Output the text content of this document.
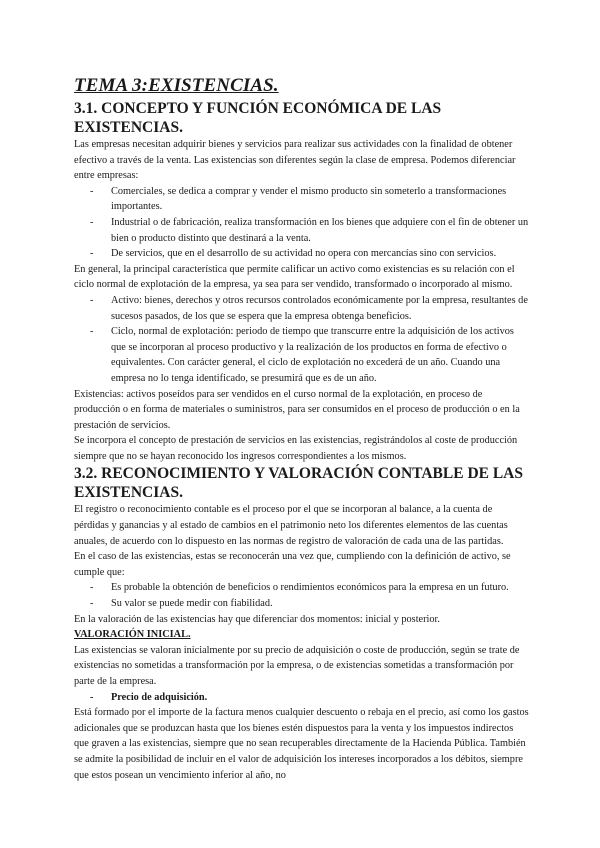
TEMA 3:EXISTENCIAS.
3.1. CONCEPTO Y FUNCIÓN ECONÓMICA DE LAS EXISTENCIAS.

Las empresas necesitan adquirir bienes y servicios para realizar sus actividades con la finalidad de obtener efectivo a través de la venta. Las existencias son diferentes según la clase de empresa. Podemos diferenciar entre empresas:

- Comerciales, se dedica a comprar y vender el mismo producto sin someterlo a transformaciones importantes.
- Industrial o de fabricación, realiza transformación en los bienes que adquiere con el fin de obtener un bien o producto distinto que destinará a la venta.
- De servicios, que en el desarrollo de su actividad no opera con mercancías sino con servicios.

En general, la principal característica que permite calificar un activo como existencias es su relación con el ciclo normal de explotación de la empresa, ya sea para ser vendido, transformado o incorporado al mismo.

- Activo: bienes, derechos y otros recursos controlados económicamente por la empresa, resultantes de sucesos pasados, de los que se espera que la empresa obtenga beneficios.
- Ciclo, normal de explotación: periodo de tiempo que transcurre entre la adquisición de los activos que se incorporan al proceso productivo y la realización de los productos en forma de efectivo o equivalentes. Con carácter general, el ciclo de explotación no excederá de un año. Cuando una empresa no lo tenga identificado, se presumirá que es de un año.

Existencias: activos poseídos para ser vendidos en el curso normal de la explotación, en proceso de producción o en forma de materiales o suministros, para ser consumidos en el proceso de producción o en la prestación de servicios.

Se incorpora el concepto de prestación de servicios en las existencias, registrándolos al coste de producción siempre que no se hayan reconocido los ingresos correspondientes a los mismos.

3.2. RECONOCIMIENTO Y VALORACIÓN CONTABLE DE LAS EXISTENCIAS.

El registro o reconocimiento contable es el proceso por el que se incorporan al balance, a la cuenta de pérdidas y ganancias y al estado de cambios en el patrimonio neto los diferentes elementos de las cuentas anuales, de acuerdo con lo dispuesto en las normas de registro de valoración de cada una de las partidas.

En el caso de las existencias, estas se reconocerán una vez que, cumpliendo con la definición de activo, se cumple que:

- Es probable la obtención de beneficios o rendimientos económicos para la empresa en un futuro.
- Su valor se puede medir con fiabilidad.

En la valoración de las existencias hay que diferenciar dos momentos: inicial y posterior.

VALORACIÓN INICIAL.

Las existencias se valoran inicialmente por su precio de adquisición o coste de producción, según se trate de existencias no sometidas a transformación por la empresa, o de existencias sometidas a transformación por parte de la empresa.

- Precio de adquisición.

Está formado por el importe de la factura menos cualquier descuento o rebaja en el precio, así como los gastos adicionales que se produzcan hasta que los bienes estén dispuestos para la venta y los impuestos indirectos que graven a las existencias, siempre que no sean recuperables directamente de la Hacienda Pública. También se admite la posibilidad de incluir en el valor de adquisición los intereses incorporados a los débitos, siempre que estos posean un vencimiento inferior al año, no
